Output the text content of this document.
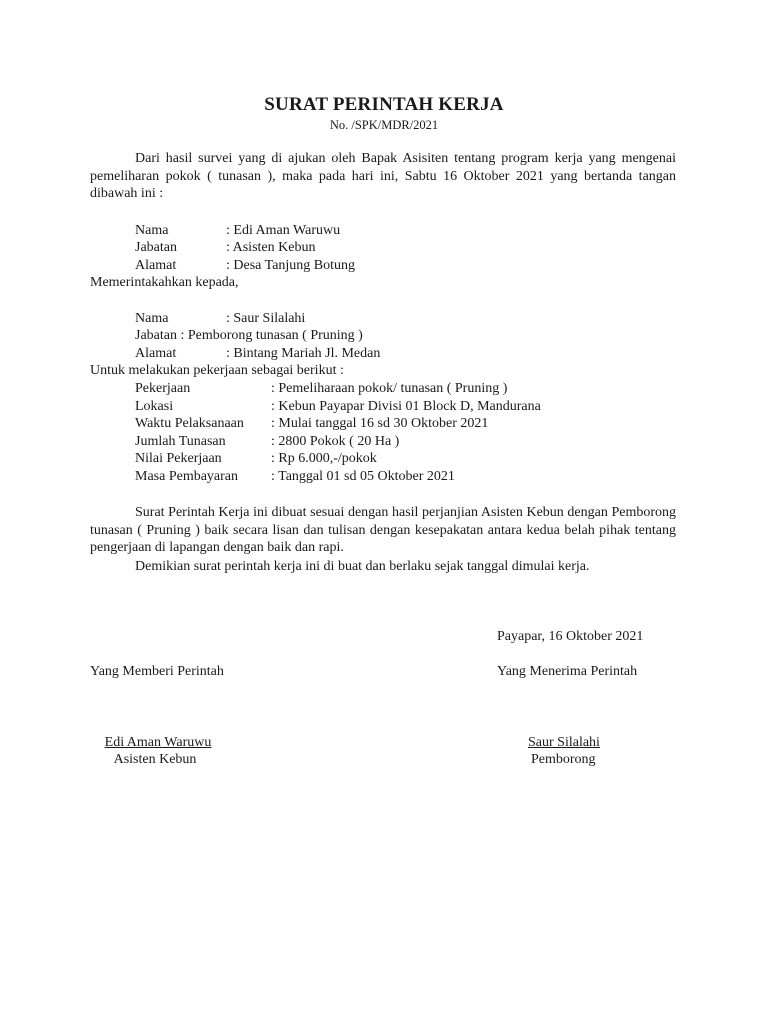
SURAT PERINTAH KERJA
No. /SPK/MDR/2021

Dari hasil survei yang di ajukan oleh Bapak Asisiten tentang program kerja yang mengenai pemeliharan pokok ( tunasan ), maka pada hari ini, Sabtu 16 Oktober 2021 yang bertanda tangan dibawah ini :

Nama	: Edi Aman Waruwu
Jabatan	: Asisten Kebun
Alamat	: Desa Tanjung Botung
Memerintakahkan kepada,
Nama	: Saur Silalahi
Jabatan : Pemborong tunasan ( Pruning )
Alamat	: Bintang Mariah Jl. Medan
Untuk melakukan pekerjaan sebagai berikut :
Pekerjaan	: Pemeliharaan pokok/ tunasan ( Pruning )
Lokasi	: Kebun Payapar Divisi 01 Block D, Mandurana
Waktu Pelaksanaan : Mulai tanggal 16 sd 30 Oktober 2021
Jumlah Tunasan	: 2800 Pokok ( 20 Ha )
Nilai Pekerjaan	: Rp 6.000,-/pokok
Masa Pembayaran : Tanggal 01 sd 05 Oktober 2021

Surat Perintah Kerja ini dibuat sesuai dengan hasil perjanjian Asisten Kebun dengan Pemborong tunasan ( Pruning ) baik secara lisan dan tulisan dengan kesepakatan antara kedua belah pihak tentang pengerjaan di lapangan dengan baik dan rapi.

Demikian surat perintah kerja ini di buat dan berlaku sejak tanggal dimulai kerja.
Payapar, 16 Oktober 2021
Yang Memberi Perintah	Yang Menerima Perintah
Edi Aman Waruwu
Asisten Kebun
Saur Silalahi
Pemborong
